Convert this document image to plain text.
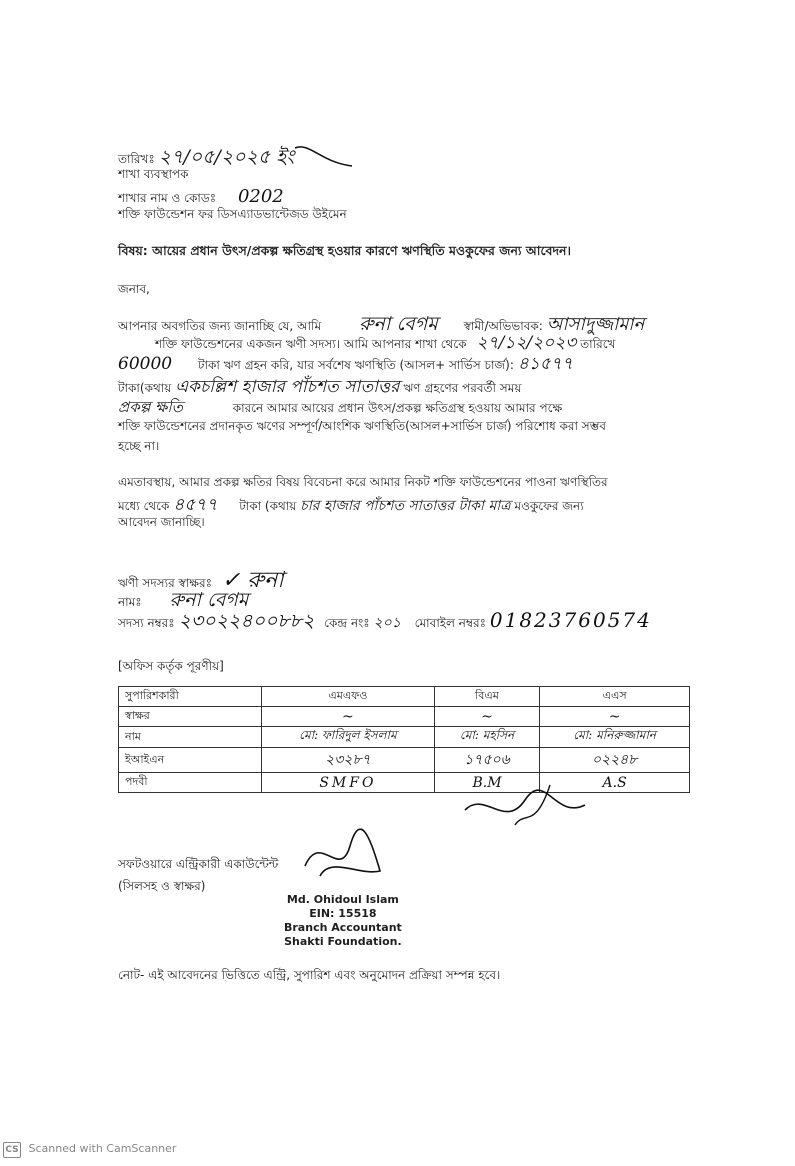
তারিখঃ ২৭/০৫/২০২৫ ইং
শাখা ব্যবস্থাপক
শাখার নাম ও কোডঃ 0202
শক্তি ফাউন্ডেশন ফর ডিসএ্যাডভান্টেজড উইমেন
বিষয়: আয়ের প্রধান উৎস/প্রকল্প ক্ষতিগ্রস্থ হওয়ার কারণে ঋণস্থিতি মওকুফের জন্য আবেদন।
জনাব,
আপনার অবগতির জন্য জানাচ্ছি যে, আমি রুনা বেগম স্বামী/অভিভাবক: আসাদুজ্জামান
শক্তি ফাউন্ডেশনের একজন ঋণী সদস্য। আমি আপনার শাখা থেকে ২৭/১২/২০২৩ তারিখে
60000 টাকা ঋণ গ্রহন করি, যার সর্বশেষ ঋণস্থিতি (আসল+ সার্ভিস চার্জ): ৪১৫৭৭
টাকা(কথায় একচল্লিশ হাজার পাঁচশত সাতাত্তর ঋণ গ্রহণের পরবর্তী সময়
প্রকল্প ক্ষতি	কারনে আমার আয়ের প্রধান উৎস/প্রকল্প ক্ষতিগ্রস্থ হওয়ায় আমার পক্ষে
শক্তি ফাউন্ডেশনের প্রদানকৃত ঋণের সম্পূর্ণ/আংশিক ঋণস্থিতি(আসল+সার্ভিস চার্জ) পরিশোধ করা সম্ভব
হচ্ছে না।
এমতাবস্থায়, আমার প্রকল্প ক্ষতির বিষয় বিবেচনা করে আমার নিকট শক্তি ফাউন্ডেশনের পাওনা ঋণস্থিতির
মধ্যে থেকে ৪৫৭৭ টাকা (কথায় চার হাজার পাঁচশত সাতাত্তর টাকা মাত্র মওকুফের জন্য
আবেদন জানাচ্ছি।
ঋণী সদস্যর স্বাক্ষরঃ ✓ রুনা
নামঃ রুনা বেগম
সদস্য নম্বরঃ ২৩০২২৪০০৮৮২ কেন্দ্র নংঃ ২০১ মোবাইল নম্বরঃ 01823760574
[অফিস কর্তৃক পূরণীয়]
সুপারিশকারী	এমএফও	বিএম	এএস
স্বাক্ষর	~	~	~
নাম	মো: ফারিদুল ইসলাম	মো: মহসিন	মো: মনিরুজ্জামান
ইআইএন	২৩২৮৭	১৭৫০৬	০২২৪৮
পদবী	SMFO	B.M	A.S
সফটওয়ারে এন্ট্রিকারী একাউন্টেন্ট
(সিলসহ ও স্বাক্ষর)
Md. Ohidoul Islam
EIN: 15518
Branch Accountant
Shakti Foundation.
নোট- এই আবেদনের ভিত্তিতে এন্ট্রি, সুপারিশ এবং অনুমোদন প্রক্রিয়া সম্পন্ন হবে।
CS Scanned with CamScanner
